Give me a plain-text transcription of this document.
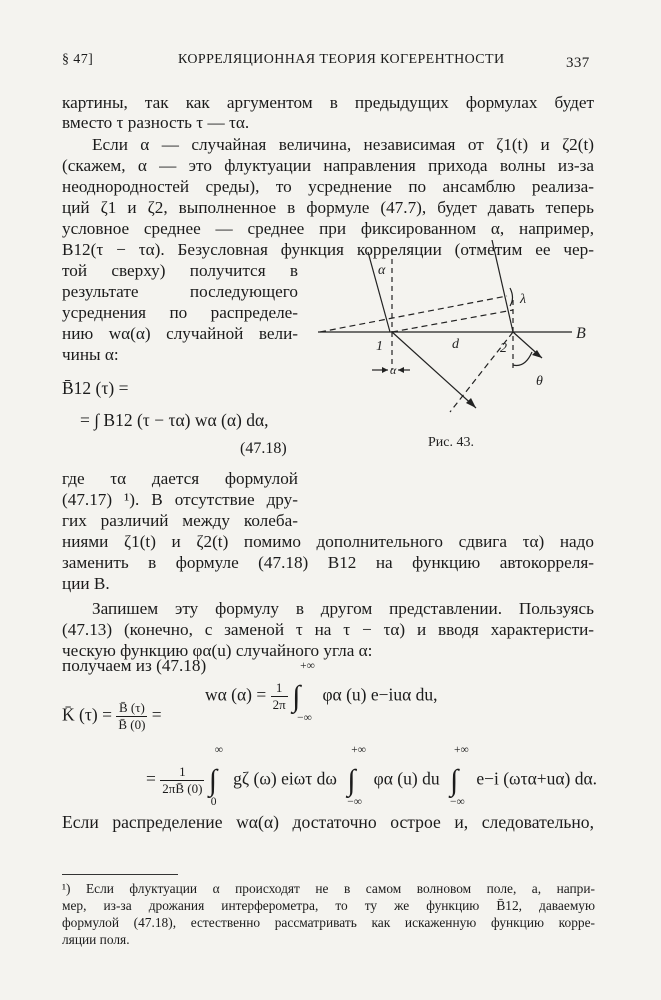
§ 47]	КОРРЕЛЯЦИОННАЯ ТЕОРИЯ КОГЕРЕНТНОСТИ	337
картины, так как аргументом в предыдущих формулах будет
вместо τ разность τ — τα.
Если α — случайная величина, независимая от ζ1(t) и ζ2(t)
(скажем, α — это флуктуации направления прихода волны из-за
неоднородностей среды), то усреднение по ансамблю реализа-
ций ζ1 и ζ2, выполненное в формуле (47.7), будет давать теперь
условное среднее — среднее при фиксированном α, например,
B12(τ − τα). Безусловная функция корреляции (отметим ее чер-
той сверху) получится в
результате последующего
усреднения по распределе-
нию wα(α) случайной вели-
чины α:
B̄12 (τ) =
= ∫ B12 (τ − τα) wα (α) dα,
(47.18)
где τα дается формулой
(47.17) ¹). В отсутствие дру-
гих различий между колеба-
ниями ζ1(t) и ζ2(t) помимо дополнительного сдвига τα) надо
заменить в формуле (47.18) B12 на функцию автокорреля-
ции B.
Запишем эту формулу в другом представлении. Пользуясь
(47.13) (конечно, с заменой τ на τ − τα) и вводя характеристи-
ческую функцию φα(u) случайного угла α:
wα $(\alpha) = \frac{1}{2\pi}$ ∫
+∞
−∞
φα (u) e−iuα du,
получаем из (47.18)
K̄ $(\tau) = \frac{B̄ (\tau)}{B̄ (0)}$ =
= $\frac{1}{2\pi B̄ (0)}$ ∫
∞
0
gζ (ω) eiωτ dω ∫
+∞
−∞
φα (u) du ∫
+∞
−∞
e−i (ωτα+uα) dα.
Если распределение wα(α) достаточно острое и, следовательно,
¹) Если флуктуации α происходят не в самом волновом поле, а, напри-
мер, из-за дрожания интерферометра, то ту же функцию B̄12, даваемую
формулой (47.18), естественно рассматривать как искаженную функцию корре-
ляции поля.
α
λ
B
1	d	2
α
θ
Рис. 43.
